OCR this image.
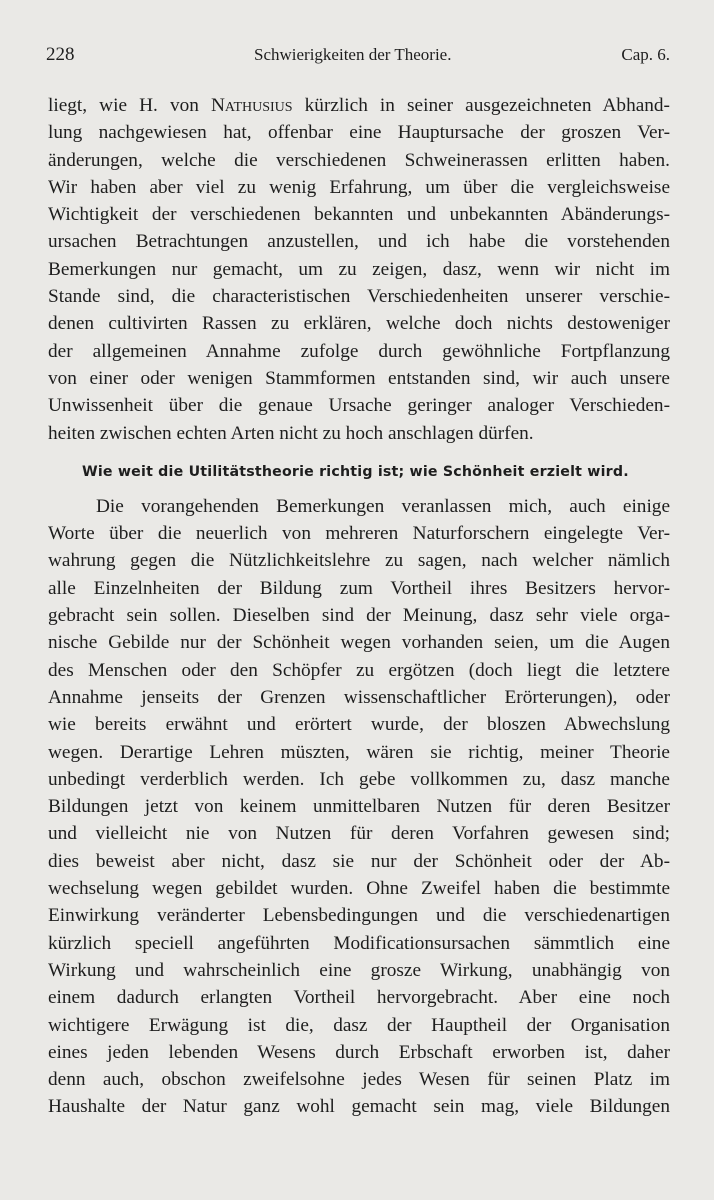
228	Schwierigkeiten der Theorie.	Cap. 6.
liegt, wie H. von Nathusius kürzlich in seiner ausgezeichneten Abhand-
lung nachgewiesen hat, offenbar eine Hauptursache der groszen Ver-
änderungen, welche die verschiedenen Schweinerassen erlitten haben.
Wir haben aber viel zu wenig Erfahrung, um über die vergleichsweise
Wichtigkeit der verschiedenen bekannten und unbekannten Abänderungs-
ursachen Betrachtungen anzustellen, und ich habe die vorstehenden
Bemerkungen nur gemacht, um zu zeigen, dasz, wenn wir nicht im
Stande sind, die characteristischen Verschiedenheiten unserer verschie-
denen cultivirten Rassen zu erklären, welche doch nichts destoweniger
der allgemeinen Annahme zufolge durch gewöhnliche Fortpflanzung
von einer oder wenigen Stammformen entstanden sind, wir auch unsere
Unwissenheit über die genaue Ursache geringer analoger Verschieden-
heiten zwischen echten Arten nicht zu hoch anschlagen dürfen.
Wie weit die Utilitätstheorie richtig ist; wie Schönheit erzielt wird.
Die vorangehenden Bemerkungen veranlassen mich, auch einige
Worte über die neuerlich von mehreren Naturforschern eingelegte Ver-
wahrung gegen die Nützlichkeitslehre zu sagen, nach welcher nämlich
alle Einzelnheiten der Bildung zum Vortheil ihres Besitzers hervor-
gebracht sein sollen. Dieselben sind der Meinung, dasz sehr viele orga-
nische Gebilde nur der Schönheit wegen vorhanden seien, um die Augen
des Menschen oder den Schöpfer zu ergötzen (doch liegt die letztere
Annahme jenseits der Grenzen wissenschaftlicher Erörterungen), oder
wie bereits erwähnt und erörtert wurde, der bloszen Abwechslung
wegen. Derartige Lehren müszten, wären sie richtig, meiner Theorie
unbedingt verderblich werden. Ich gebe vollkommen zu, dasz manche
Bildungen jetzt von keinem unmittelbaren Nutzen für deren Besitzer
und vielleicht nie von Nutzen für deren Vorfahren gewesen sind;
dies beweist aber nicht, dasz sie nur der Schönheit oder der Ab-
wechselung wegen gebildet wurden. Ohne Zweifel haben die bestimmte
Einwirkung veränderter Lebensbedingungen und die verschiedenartigen
kürzlich speciell angeführten Modificationsursachen sämmtlich eine
Wirkung und wahrscheinlich eine grosze Wirkung, unabhängig von
einem dadurch erlangten Vortheil hervorgebracht. Aber eine noch
wichtigere Erwägung ist die, dasz der Hauptheil der Organisation
eines jeden lebenden Wesens durch Erbschaft erworben ist, daher
denn auch, obschon zweifelsohne jedes Wesen für seinen Platz im
Haushalte der Natur ganz wohl gemacht sein mag, viele Bildungen
